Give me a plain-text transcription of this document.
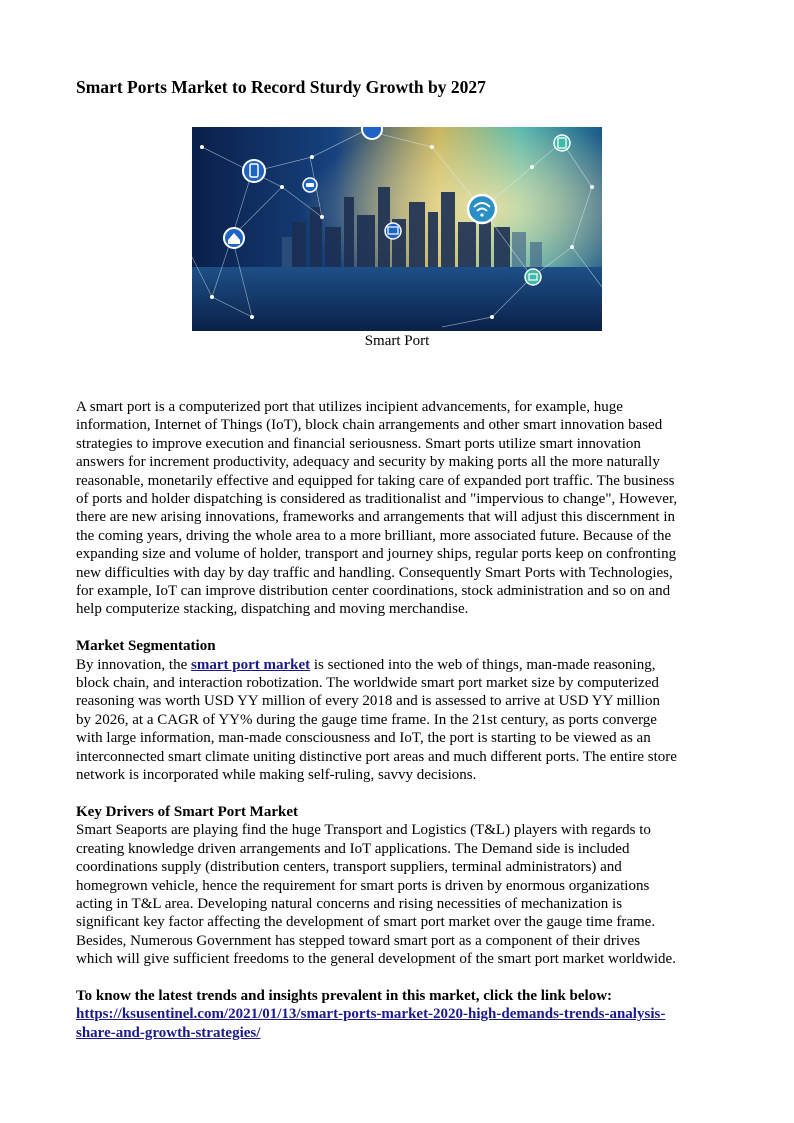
Smart Ports Market to Record Sturdy Growth by 2027
Smart Port

A smart port is a computerized port that utilizes incipient advancements, for example, huge

information, Internet of Things (IoT), block chain arrangements and other smart innovation based

strategies to improve execution and financial seriousness. Smart ports utilize smart innovation

answers for increment productivity, adequacy and security by making ports all the more naturally

reasonable, monetarily effective and equipped for taking care of expanded port traffic. The business

of ports and holder dispatching is considered as traditionalist and "impervious to change", However,

there are new arising innovations, frameworks and arrangements that will adjust this discernment in

the coming years, driving the whole area to a more brilliant, more associated future. Because of the

expanding size and volume of holder, transport and journey ships, regular ports keep on confronting

new difficulties with day by day traffic and handling. Consequently Smart Ports with Technologies,

for example, IoT can improve distribution center coordinations, stock administration and so on and

help computerize stacking, dispatching and moving merchandise.

Market Segmentation

By innovation, the smart port market is sectioned into the web of things, man-made reasoning,

block chain, and interaction robotization. The worldwide smart port market size by computerized

reasoning was worth USD YY million of every 2018 and is assessed to arrive at USD YY million

by 2026, at a CAGR of YY% during the gauge time frame. In the 21st century, as ports converge

with large information, man-made consciousness and IoT, the port is starting to be viewed as an

interconnected smart climate uniting distinctive port areas and much different ports. The entire store

network is incorporated while making self-ruling, savvy decisions.

Key Drivers of Smart Port Market

Smart Seaports are playing find the huge Transport and Logistics (T&L) players with regards to

creating knowledge driven arrangements and IoT applications. The Demand side is included

coordinations supply (distribution centers, transport suppliers, terminal administrators) and

homegrown vehicle, hence the requirement for smart ports is driven by enormous organizations

acting in T&L area. Developing natural concerns and rising necessities of mechanization is

significant key factor affecting the development of smart port market over the gauge time frame.

Besides, Numerous Government has stepped toward smart port as a component of their drives

which will give sufficient freedoms to the general development of the smart port market worldwide.

To know the latest trends and insights prevalent in this market, click the link below:

https://ksusentinel.com/2021/01/13/smart-ports-market-2020-high-demands-trends-analysis-

share-and-growth-strategies/
